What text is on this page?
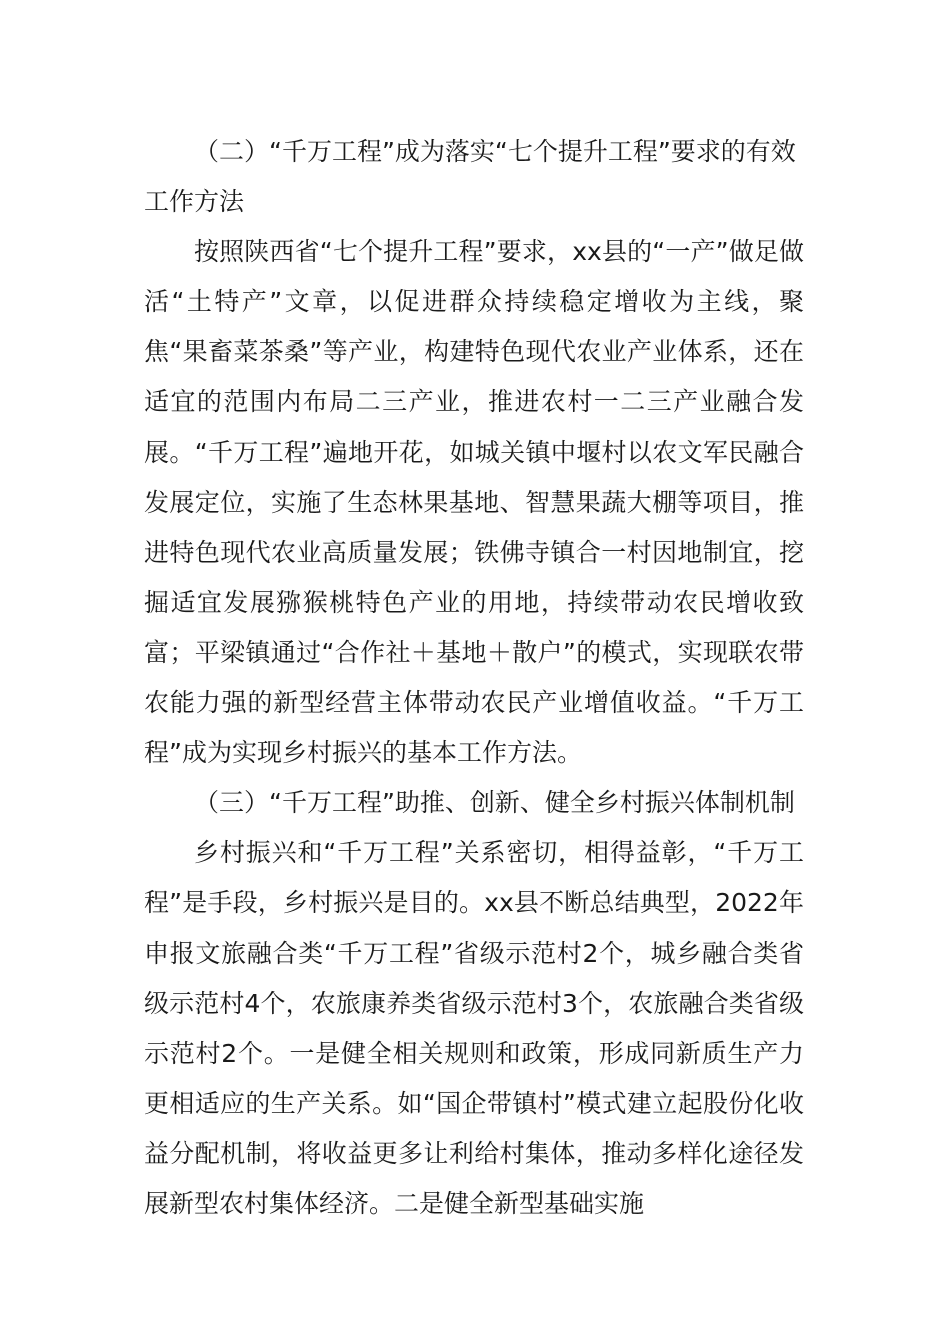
（二）“千万工程”成为落实“七个提升工程”要求的有效工作方法

按照陕西省“七个提升工程”要求，xx县的“一产”做足做活“土特产”文章，以促进群众持续稳定增收为主线，聚焦“果畜菜茶桑”等产业，构建特色现代农业产业体系，还在适宜的范围内布局二三产业，推进农村一二三产业融合发展。“千万工程”遍地开花，如城关镇中堰村以农文军民融合发展定位，实施了生态林果基地、智慧果蔬大棚等项目，推进特色现代农业高质量发展；铁佛寺镇合一村因地制宜，挖掘适宜发展猕猴桃特色产业的用地，持续带动农民增收致富；平梁镇通过“合作社＋基地＋散户”的模式，实现联农带农能力强的新型经营主体带动农民产业增值收益。“千万工程”成为实现乡村振兴的基本工作方法。

（三）“千万工程”助推、创新、健全乡村振兴体制机制

乡村振兴和“千万工程”关系密切，相得益彰，“千万工程”是手段，乡村振兴是目的。xx县不断总结典型，2022年申报文旅融合类“千万工程”省级示范村2个，城乡融合类省级示范村4个，农旅康养类省级示范村3个，农旅融合类省级示范村2个。一是健全相关规则和政策，形成同新质生产力更相适应的生产关系。如“国企带镇村”模式建立起股份化收益分配机制，将收益更多让利给村集体，推动多样化途径发展新型农村集体经济。二是健全新型基础实施
